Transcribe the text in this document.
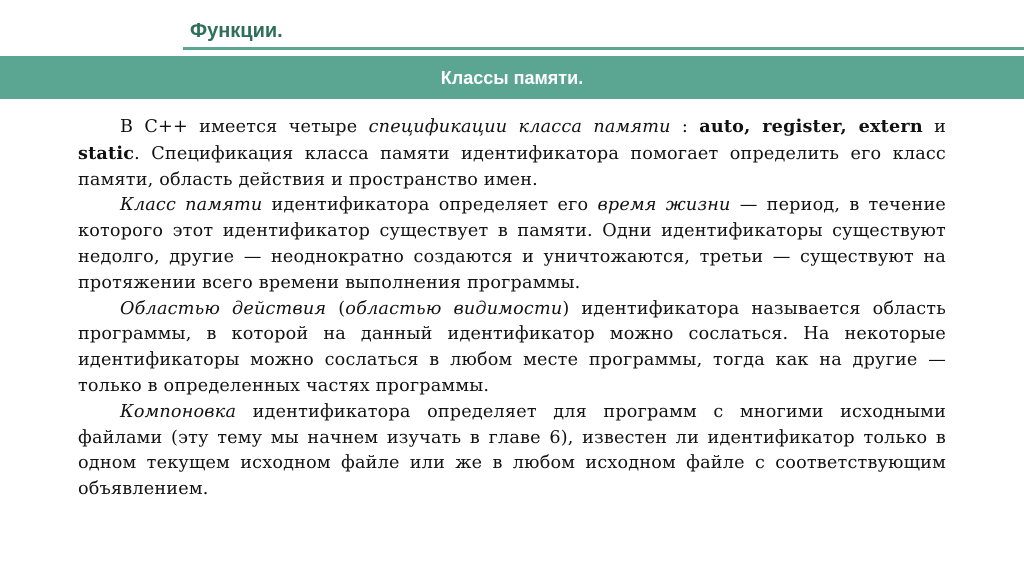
Функции.
Классы памяти.

В С++ имеется четыре спецификации класса памяти : auto, register, extern и static. Спецификация класса памяти идентификатора помогает определить его класс памяти, область действия и пространство имен.

Класс памяти идентификатора определяет его время жизни — период, в течение которого этот идентификатор существует в памяти. Одни идентификаторы существуют недолго, другие — неоднократно создаются и уничтожаются, третьи — существуют на протяжении всего времени выполнения программы.

Областью действия (областью видимости) идентификатора называется область программы, в которой на данный идентификатор можно сослаться. На некоторые идентификаторы можно сослаться в любом месте программы, тогда как на другие — только в определенных частях программы.

Компоновка идентификатора определяет для программ с многими исходными файлами (эту тему мы начнем изучать в главе 6), известен ли идентификатор только в одном текущем исходном файле или же в любом исходном файле с соответствующим объявлением.
